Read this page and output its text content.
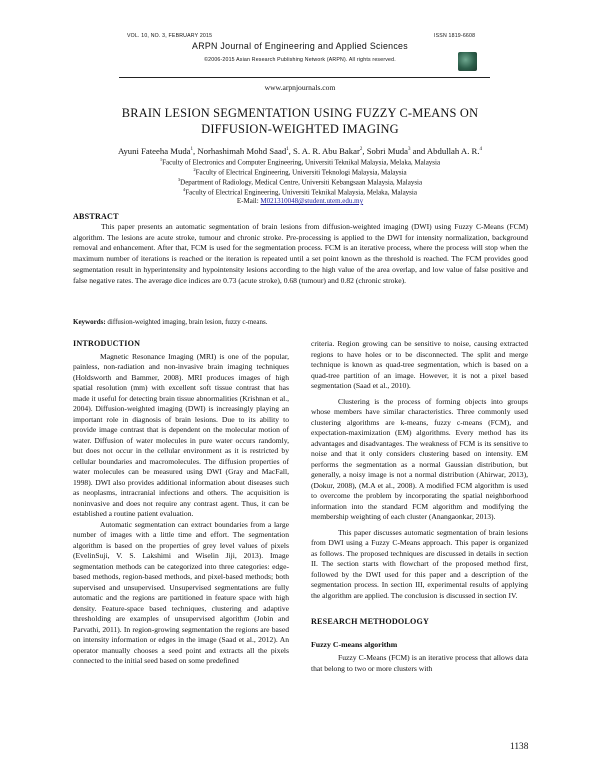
VOL. 10, NO. 3, FEBRUARY 2015	ISSN 1819-6608
ARPN Journal of Engineering and Applied Sciences
©2006-2015 Asian Research Publishing Network (ARPN). All rights reserved.
www.arpnjournals.com
BRAIN LESION SEGMENTATION USING FUZZY C-MEANS ON
DIFFUSION-WEIGHTED IMAGING
Ayuni Fateeha Muda$^1$, Norhashimah Mohd Saad$^1$, S. A. R. Abu Bakar$^2$, Sobri Muda$^3$ and Abdullah A. R.$^4$
$^1$Faculty of Electronics and Computer Engineering, Universiti Teknikal Malaysia, Melaka, Malaysia
$^2$Faculty of Electrical Engineering, Universiti Teknologi Malaysia, Malaysia
$^3$Department of Radiology, Medical Centre, Universiti Kebangsaan Malaysia, Malaysia
$^4$Faculty of Electrical Engineering, Universiti Teknikal Malaysia, Melaka, Malaysia
E-Mail: M021310048@student.utem.edu.my
ABSTRACT
This paper presents an automatic segmentation of brain lesions from diffusion-weighted imaging (DWI) using Fuzzy C-Means (FCM) algorithm. The lesions are acute stroke, tumour and chronic stroke. Pre-processing is applied to the DWI for intensity normalization, background removal and enhancement. After that, FCM is used for the segmentation process. FCM is an iterative process, where the process will stop when the maximum number of iterations is reached or the iteration is repeated until a set point known as the threshold is reached. The FCM provides good segmentation result in hyperintensity and hypointensity lesions according to the high value of the area overlap, and low value of false positive and false negative rates. The average dice indices are 0.73 (acute stroke), 0.68 (tumour) and 0.82 (chronic stroke).
Keywords: diffusion-weighted imaging, brain lesion, fuzzy c-means.
INTRODUCTION

Magnetic Resonance Imaging (MRI) is one of the popular, painless, non-radiation and non-invasive brain imaging techniques (Holdsworth and Bammer, 2008). MRI produces images of high spatial resolution (mm) with excellent soft tissue contrast that has made it useful for detecting brain tissue abnormalities (Krishnan et al., 2004). Diffusion-weighted imaging (DWI) is increasingly playing an important role in diagnosis of brain lesions. Due to its ability to provide image contrast that is dependent on the molecular motion of water. Diffusion of water molecules in pure water occurs randomly, but does not occur in the cellular environment as it is restricted by cellular boundaries and macromolecules. The diffusion properties of water molecules can be measured using DWI (Gray and MacFall, 1998). DWI also provides additional information about diseases such as neoplasms, intracranial infections and others. The acquisition is noninvasive and does not require any contrast agent. Thus, it can be established a routine patient evaluation.

Automatic segmentation can extract boundaries from a large number of images with a little time and effort. The segmentation algorithm is based on the properties of grey level values of pixels (EvelinSuji, V. S. Lakshimi and Wiselin Jiji, 2013). Image segmentation methods can be categorized into three categories: edge-based methods, region-based methods, and pixel-based methods; both supervised and unsupervised. Unsupervised segmentations are fully automatic and the regions are partitioned in feature space with high density. Feature-space based techniques, clustering and adaptive thresholding are examples of unsupervised algorithm (Jobin and Parvathi, 2011). In region-growing segmentation the regions are based on intensity information or edges in the image (Saad et al., 2012). An operator manually chooses a seed point and extracts all the pixels connected to the initial seed based on some predefined

criteria. Region growing can be sensitive to noise, causing extracted regions to have holes or to be disconnected. The split and merge technique is known as quad-tree segmentation, which is based on a quad-tree partition of an image. However, it is not a pixel based segmentation (Saad et al., 2010).

Clustering is the process of forming objects into groups whose members have similar characteristics. Three commonly used clustering algorithms are k-means, fuzzy c-means (FCM), and expectation-maximization (EM) algorithms. Every method has its advantages and disadvantages. The weakness of FCM is its sensitive to noise and that it only considers clustering based on intensity. EM performs the segmentation as a normal Gaussian distribution, but generally, a noisy image is not a normal distribution (Ahirwar, 2013), (Dokur, 2008), (M.A et al., 2008). A modified FCM algorithm is used to overcome the problem by incorporating the spatial neighborhood information into the standard FCM algorithm and modifying the membership weighting of each cluster (Anangaonkar, 2013).

This paper discusses automatic segmentation of brain lesions from DWI using a Fuzzy C-Means approach. This paper is organized as follows. The proposed techniques are discussed in details in section II. The section starts with flowchart of the proposed method first, followed by the DWI used for this paper and a description of the segmentation process. In section III, experimental results of applying the algorithm are applied. The conclusion is discussed in section IV.

RESEARCH METHODOLOGY
Fuzzy C-means algorithm

Fuzzy C-Means (FCM) is an iterative process that allows data that belong to two or more clusters with

1138
